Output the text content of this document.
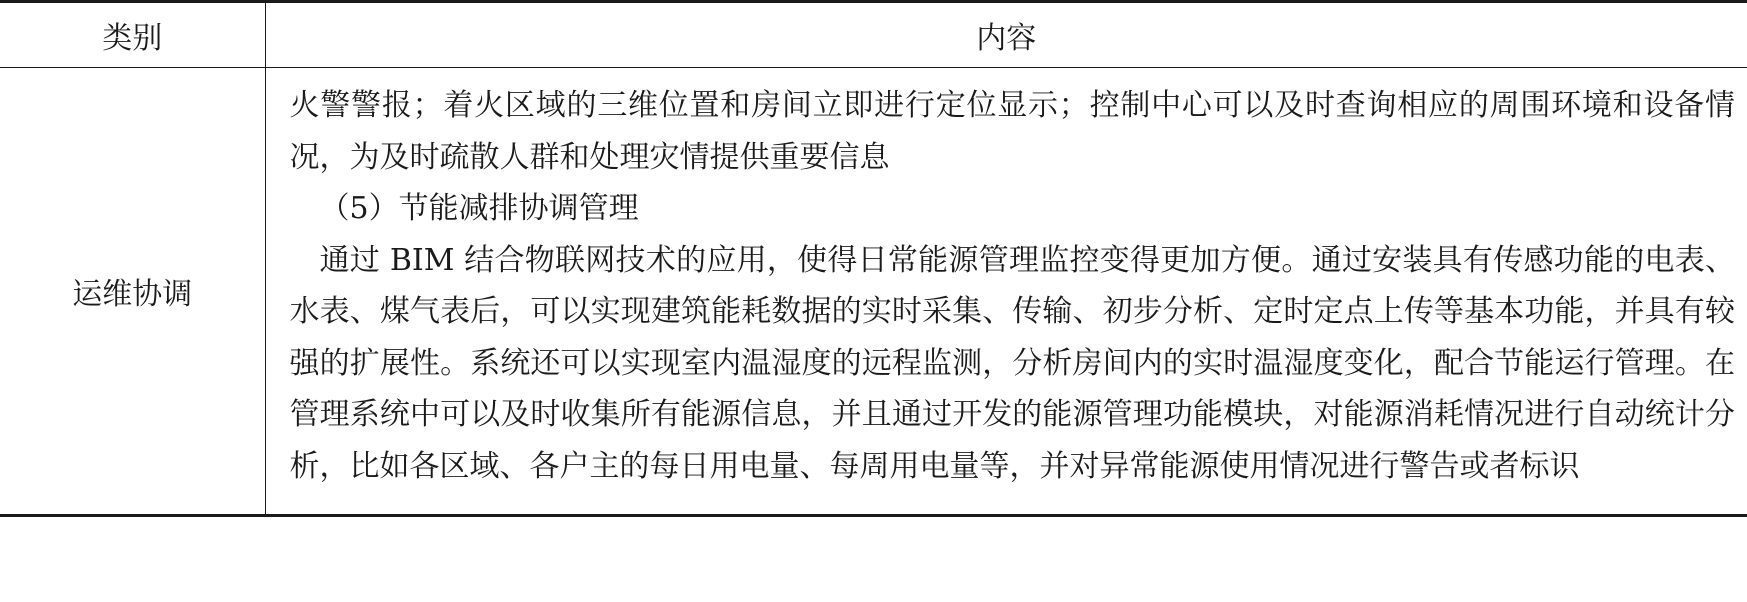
类别	内容
运维协调	火警警报；着火区域的三维位置和房间立即进行定位显示；控制中心可以及时查询相应的周围环境和设备情况，为及时疏散人群和处理灾情提供重要信息

（5）节能减排协调管理

通过 BIM 结合物联网技术的应用，使得日常能源管理监控变得更加方便。通过安装具有传感功能的电表、水表、煤气表后，可以实现建筑能耗数据的实时采集、传输、初步分析、定时定点上传等基本功能，并具有较强的扩展性。系统还可以实现室内温湿度的远程监测，分析房间内的实时温湿度变化，配合节能运行管理。在管理系统中可以及时收集所有能源信息，并且通过开发的能源管理功能模块，对能源消耗情况进行自动统计分析，比如各区域、各户主的每日用电量、每周用电量等，并对异常能源使用情况进行警告或者标识
